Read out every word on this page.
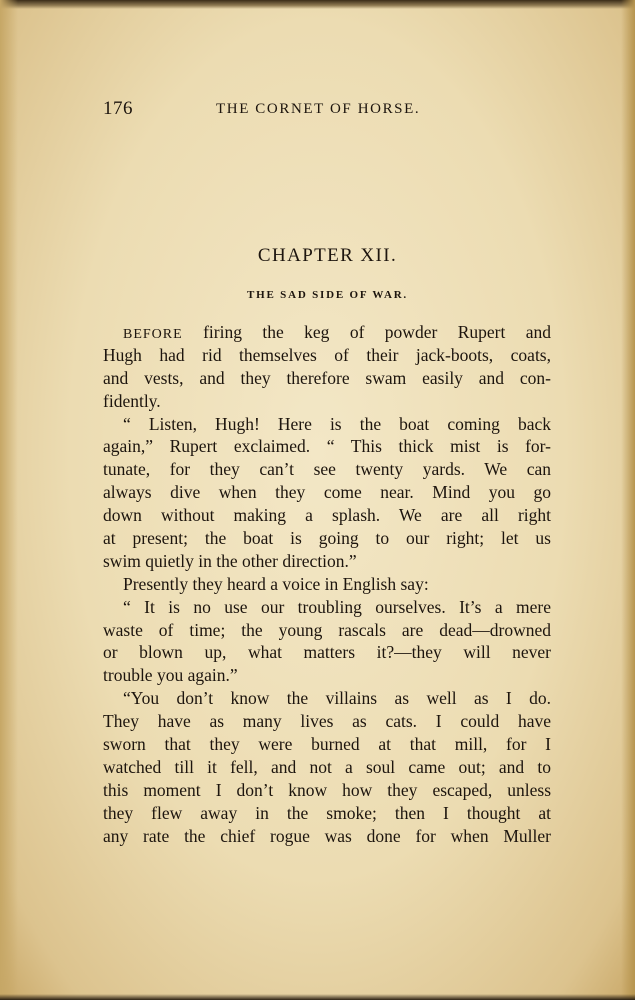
176	THE CORNET OF HORSE.
CHAPTER XII.
THE SAD SIDE OF WAR.
BEFORE firing the keg of powder Rupert and
Hugh had rid themselves of their jack-boots, coats,
and vests, and they therefore swam easily and con-
fidently.
“ Listen, Hugh! Here is the boat coming back
again,” Rupert exclaimed. “ This thick mist is for-
tunate, for they can’t see twenty yards. We can
always dive when they come near. Mind you go
down without making a splash. We are all right
at present; the boat is going to our right; let us
swim quietly in the other direction.”
Presently they heard a voice in English say:
“ It is no use our troubling ourselves. It’s a mere
waste of time; the young rascals are dead—drowned
or blown up, what matters it?—they will never
trouble you again.”
“You don’t know the villains as well as I do.
They have as many lives as cats. I could have
sworn that they were burned at that mill, for I
watched till it fell, and not a soul came out; and to
this moment I don’t know how they escaped, unless
they flew away in the smoke; then I thought at
any rate the chief rogue was done for when Muller
